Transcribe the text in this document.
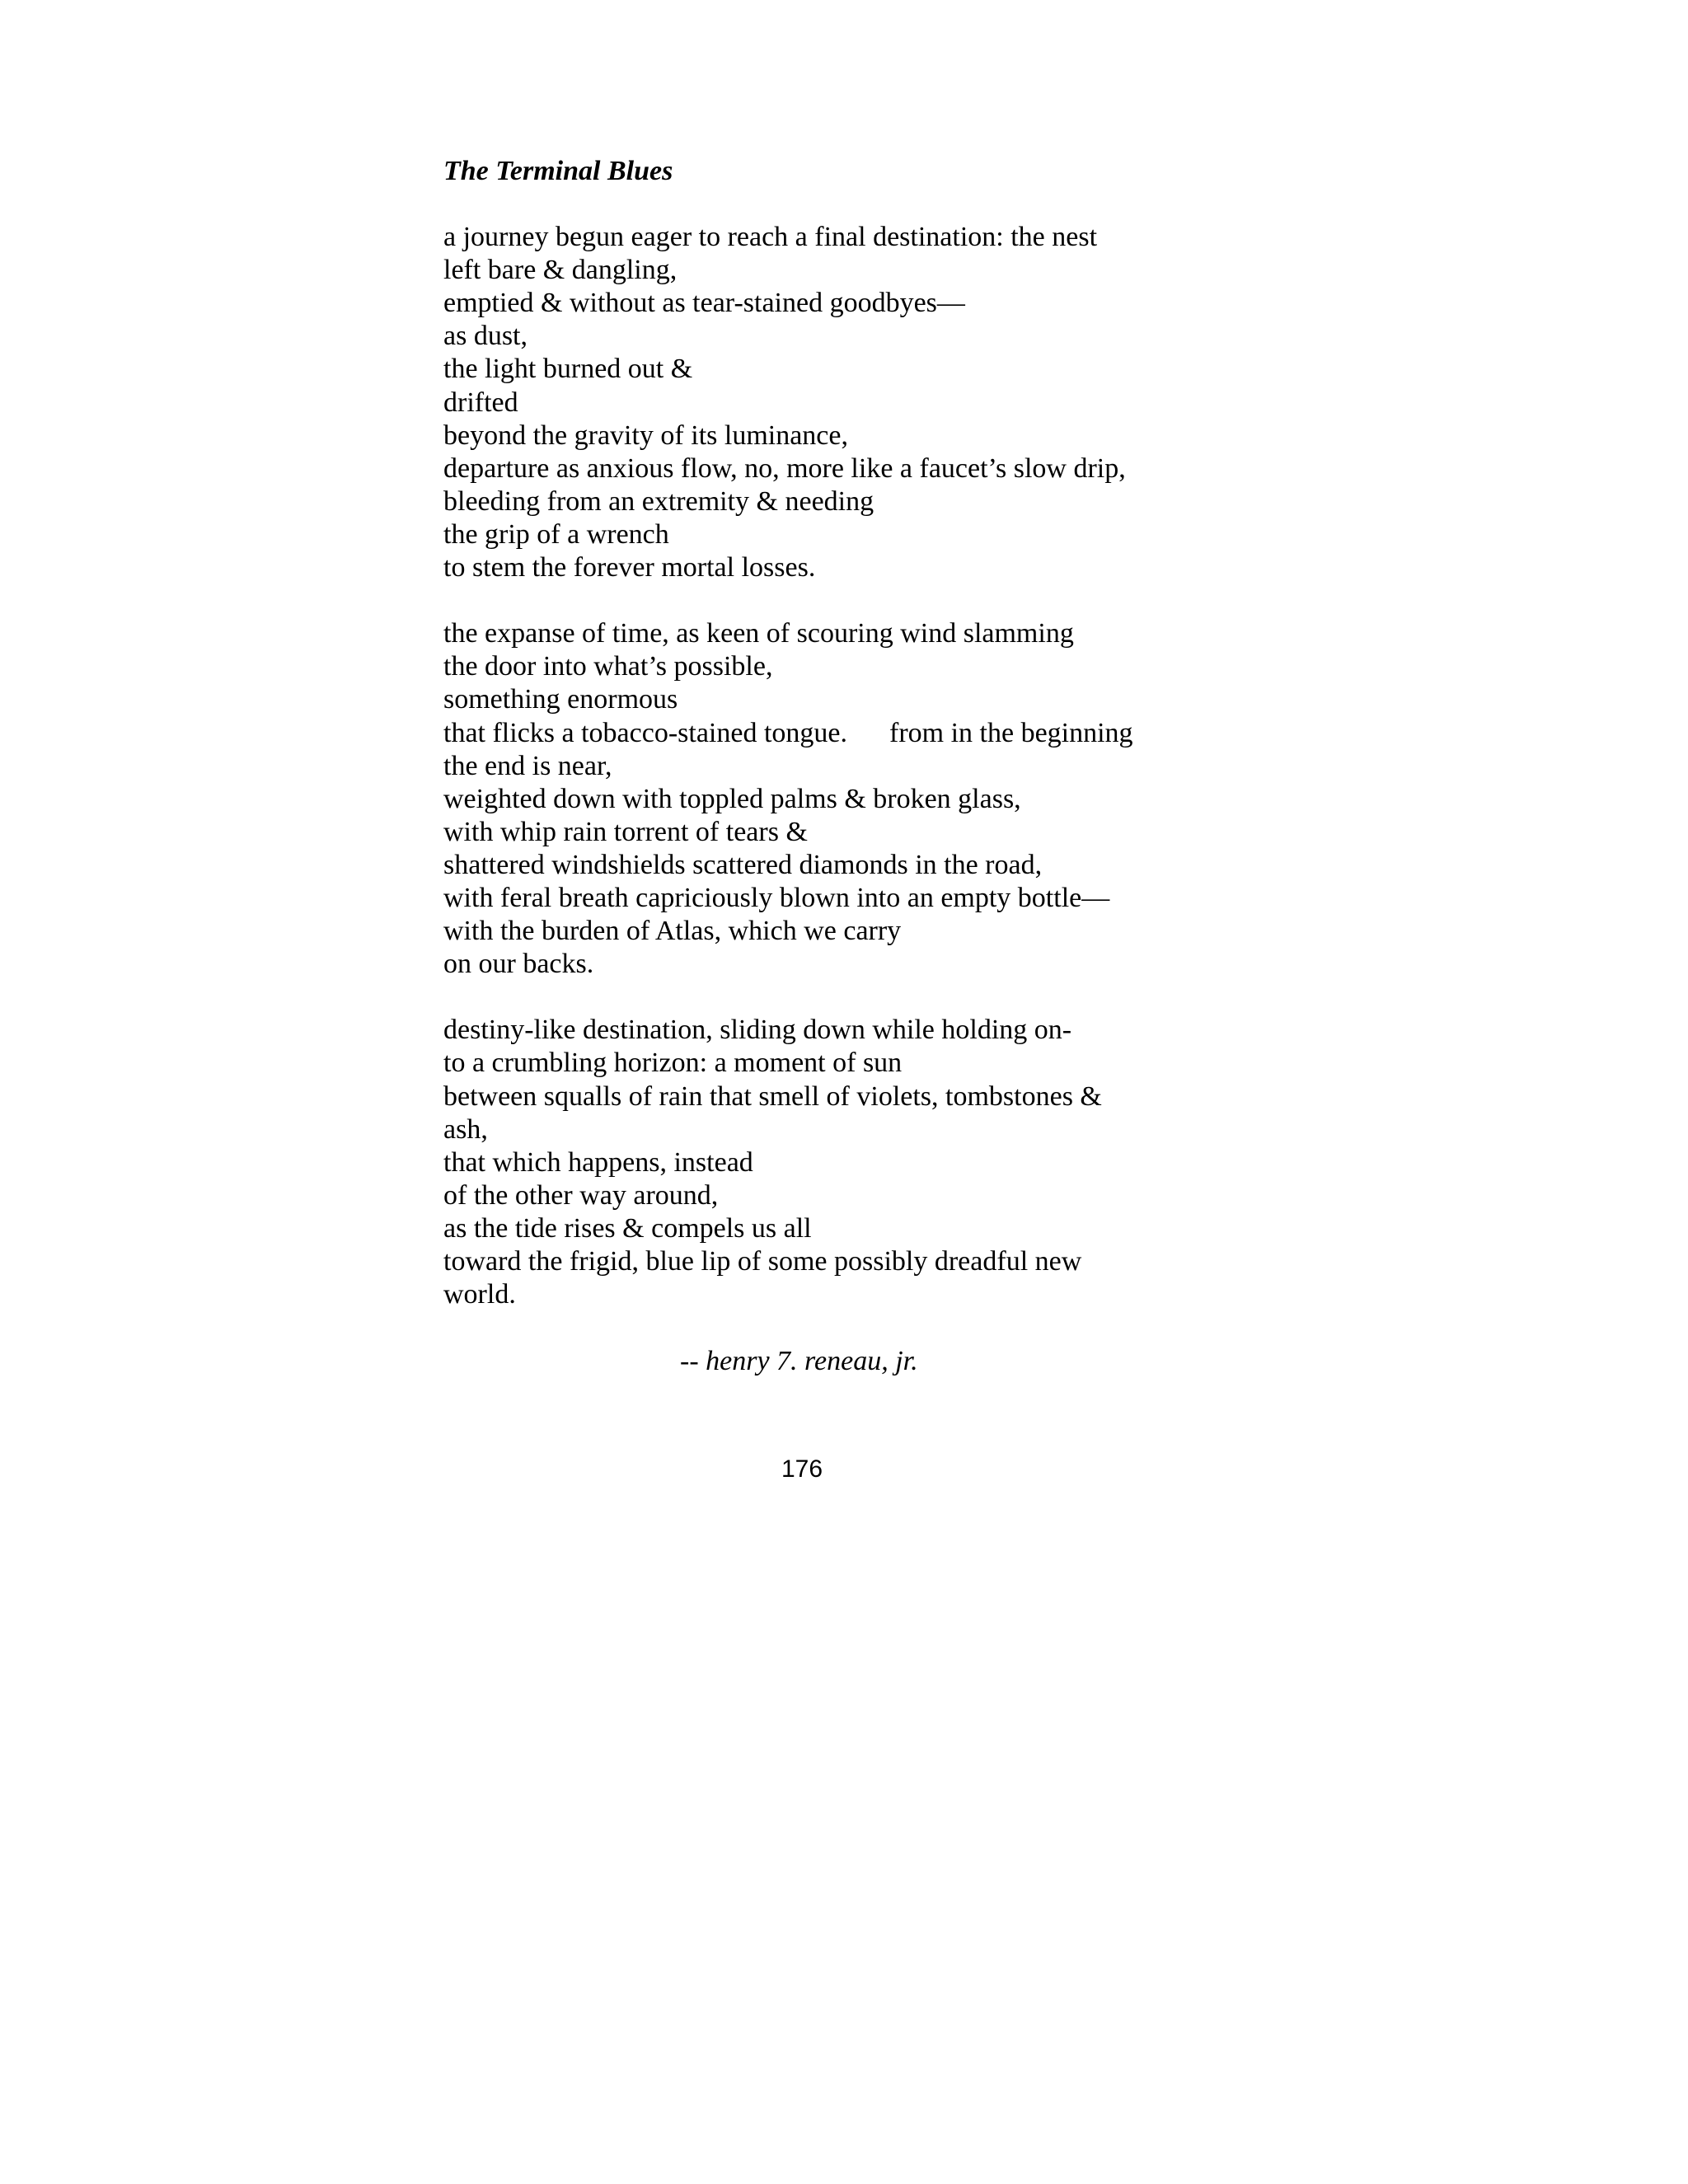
The Terminal Blues
a journey begun eager to reach a final destination: the nest
left bare & dangling,
emptied & without as tear-stained goodbyes—
as dust,
the light burned out &
drifted
beyond the gravity of its luminance,
departure as anxious flow, no, more like a faucet’s slow drip,
bleeding from an extremity & needing
the grip of a wrench
to stem the forever mortal losses.
the expanse of time, as keen of scouring wind slamming
the door into what’s possible,
something enormous
that flicks a tobacco-stained tongue.      from in the beginning
the end is near,
weighted down with toppled palms & broken glass,
with whip rain torrent of tears &
shattered windshields scattered diamonds in the road,
with feral breath capriciously blown into an empty bottle—
with the burden of Atlas, which we carry
on our backs.
destiny-like destination, sliding down while holding on-
to a crumbling horizon: a moment of sun
between squalls of rain that smell of violets, tombstones &
ash,
that which happens, instead
of the other way around,
as the tide rises & compels us all
toward the frigid, blue lip of some possibly dreadful new
world.
-- henry 7. reneau, jr.
176
